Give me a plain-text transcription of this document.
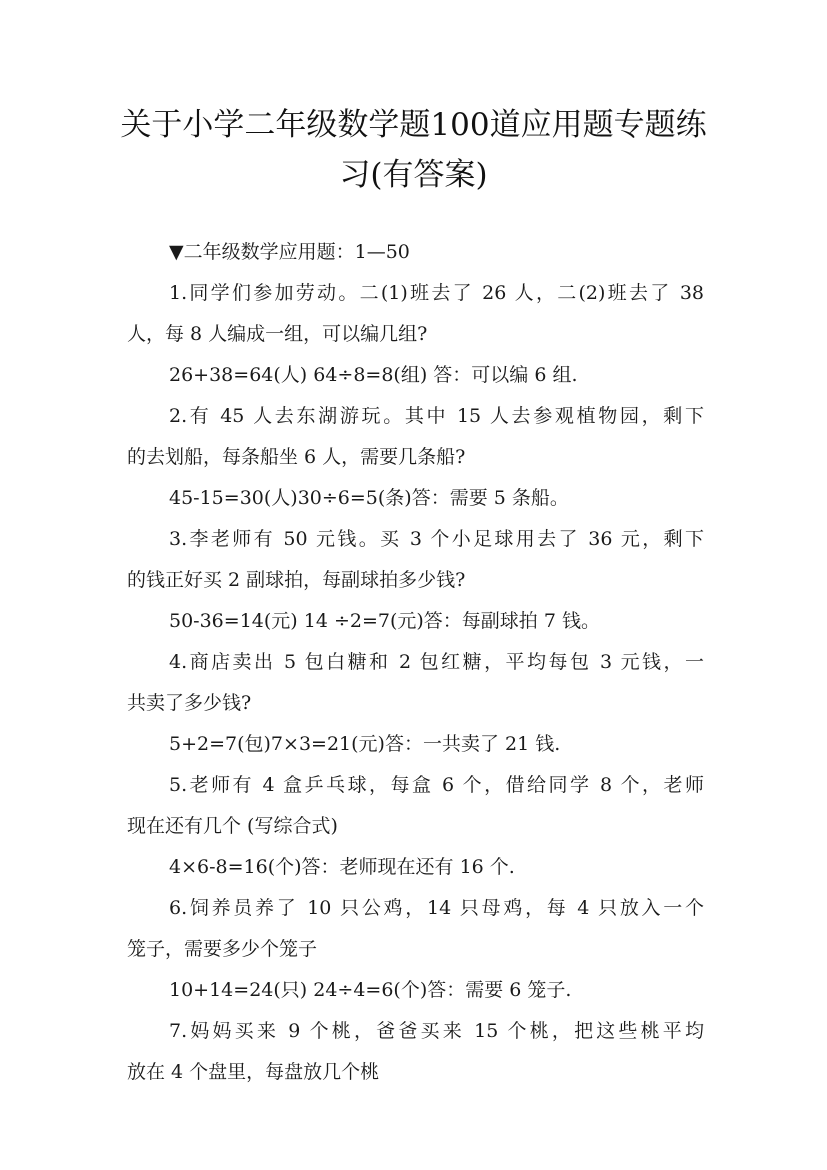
关于小学二年级数学题100道应用题专题练
习(有答案)
▼二年级数学应用题：1—50
1.同学们参加劳动。二(1)班去了 26 人，二(2)班去了 38
人，每 8 人编成一组，可以编几组?
26+38=64(人) 64÷8=8(组) 答：可以编 6 组.
2.有 45 人去东湖游玩。其中 15 人去参观植物园，剩下
的去划船，每条船坐 6 人，需要几条船?
45-15=30(人)30÷6=5(条)答：需要 5 条船。
3.李老师有 50 元钱。买 3 个小足球用去了 36 元，剩下
的钱正好买 2 副球拍，每副球拍多少钱?
50-36=14(元) 14 ÷2=7(元)答：每副球拍 7 钱。
4.商店卖出 5 包白糖和 2 包红糖，平均每包 3 元钱，一
共卖了多少钱?
5+2=7(包)7×3=21(元)答：一共卖了 21 钱.
5.老师有 4 盒乒乓球，每盒 6 个，借给同学 8 个，老师
现在还有几个 (写综合式)
4×6-8=16(个)答：老师现在还有 16 个.
6.饲养员养了 10 只公鸡，14 只母鸡，每 4 只放入一个
笼子，需要多少个笼子
10+14=24(只) 24÷4=6(个)答：需要 6 笼子.
7.妈妈买来 9 个桃，爸爸买来 15 个桃，把这些桃平均
放在 4 个盘里，每盘放几个桃
